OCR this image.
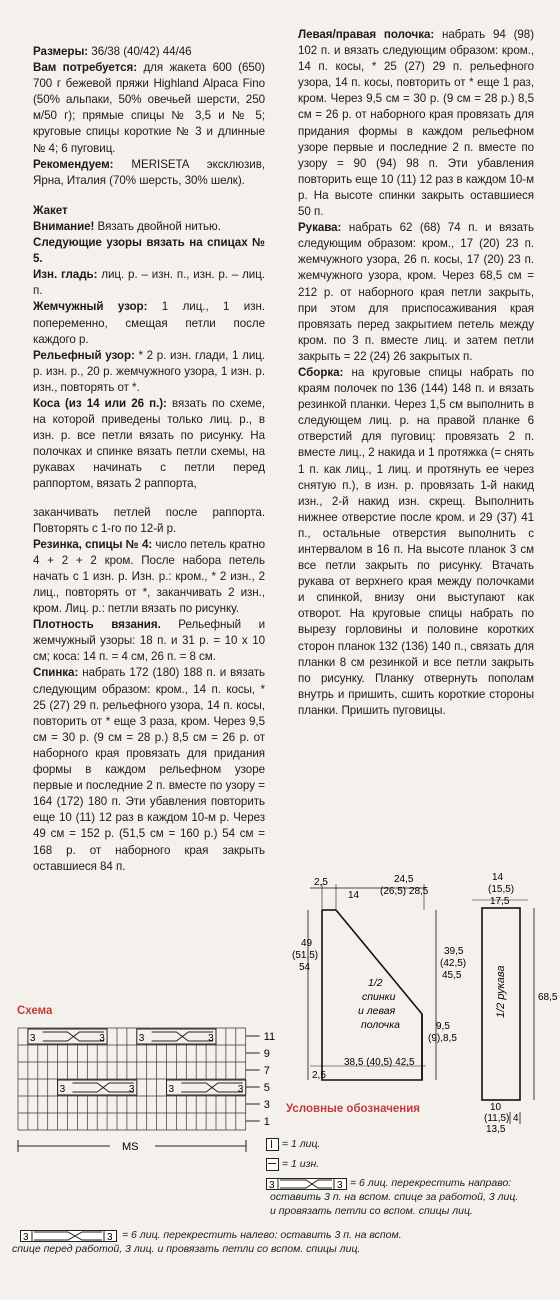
Размеры: 36/38 (40/42) 44/46

Вам потребуется: для жакета 600 (650) 700 г бежевой пряжи Highland Alpaca Fino (50% альпаки, 50% овечьей шерсти, 250 м/50 г); прямые спицы № 3,5 и № 5; круговые спицы короткие № 3 и длинные № 4; 6 пуговиц.

Рекомендуем: MERISETA эксклюзив, Ярна, Италия (70% шерсть, 30% шелк).

Жакет

Внимание! Вязать двойной нитью.

Следующие узоры вязать на спицах № 5.

Изн. гладь: лиц. р. – изн. п., изн. р. – лиц. п.

Жемчужный узор: 1 лиц., 1 изн. попеременно, смещая петли после каждого р.

Рельефный узор: * 2 р. изн. глади, 1 лиц. р. изн. р., 20 р. жемчужного узора, 1 изн. р. изн., повторять от *.

Коса (из 14 или 26 п.): вязать по схеме, на которой приведены только лиц. р., в изн. р. все петли вязать по рисунку. На полочках и спинке вязать петли схемы, на рукавах начинать с петли перед раппортом, вязать 2 раппорта,

заканчивать петлей после раппорта. Повторять с 1-го по 12-й р.

Резинка, спицы № 4: число петель кратно 4 + 2 + 2 кром. После набора петель начать с 1 изн. р. Изн. р.: кром., * 2 изн., 2 лиц., повторять от *, заканчивать 2 изн., кром. Лиц. р.: петли вязать по рисунку.

Плотность вязания. Рельефный и жемчужный узоры: 18 п. и 31 р. = 10 х 10 см; коса: 14 п. = 4 см, 26 п. = 8 см.

Спинка: набрать 172 (180) 188 п. и вязать следующим образом: кром., 14 п. косы, * 25 (27) 29 п. рельефного узора, 14 п. косы, повторить от * еще 3 раза, кром. Через 9,5 см = 30 р. (9 см = 28 р.) 8,5 см = 26 р. от наборного края провязать для придания формы в каждом рельефном узоре первые и последние 2 п. вместе по узору = 164 (172) 180 п. Эти убавления повторить еще 10 (11) 12 раз в каждом 10-м р. Через 49 см = 152 р. (51,5 см = 160 р.) 54 см = 168 р. от наборного края закрыть оставшиеся 84 п.

Левая/правая полочка: набрать 94 (98) 102 п. и вязать следующим образом: кром., 14 п. косы, * 25 (27) 29 п. рельефного узора, 14 п. косы, повторить от * еще 1 раз, кром. Через 9,5 см = 30 р. (9 см = 28 р.) 8,5 см = 26 р. от наборного края провязать для придания формы в каждом рельефном узоре первые и последние 2 п. вместе по узору = 90 (94) 98 п. Эти убавления повторить еще 10 (11) 12 раз в каждом 10-м р. На высоте спинки закрыть оставшиеся 50 п.

Рукава: набрать 62 (68) 74 п. и вязать следующим образом: кром., 17 (20) 23 п. жемчужного узора, 26 п. косы, 17 (20) 23 п. жемчужного узора, кром. Через 68,5 см = 212 р. от наборного края петли закрыть, при этом для приспосаживания края провязать перед закрытием петель между кром. по 3 п. вместе лиц. и затем петли закрыть = 22 (24) 26 закрытых п.

Сборка: на круговые спицы набрать по краям полочек по 136 (144) 148 п. и вязать резинкой планки. Через 1,5 см выполнить в следующем лиц. р. на правой планке 6 отверстий для пуговиц: провязать 2 п. вместе лиц., 2 накида и 1 протяжка (= снять 1 п. как лиц., 1 лиц. и протянуть ее через снятую п.), в изн. р. провязать 1-й накид изн., 2-й накид изн. скрещ. Выполнить нижнее отверстие после кром. и 29 (37) 41 п., остальные отверстия выполнить с интервалом в 16 п. На высоте планок 3 см все петли закрыть по рисунку. Втачать рукава от верхнего края между полочками и спинкой, внизу они выступают как отворот. На круговые спицы набрать по вырезу горловины и половине коротких сторон планок 132 (136) 140 п., связать для планки 8 см резинкой и все петли закрыть по рисунку. Планку отвернуть пополам внутрь и пришить, сшить короткие стороны планки. Пришить пуговицы.

Схема
3	3	3	3
3	3	3	3
11
9
7
5
3
1
MS
2,5
14
24,5 (26,5) 28,5
49 (51,5) 54
39,5 (42,5) 45,5
9,5 (9),8,5
2,5
38,5 (40,5) 42,5
1/2 спинки и левая полочка
14 (15,5) 17,5
68,5
1/2 рукава
10 (11,5) 13,5
4
Условные обозначения
= 1 лиц.
= 1 изн.
3	3 = 6 лиц. перекрестить направо: оставить 3 п. на вспом. спице за работой, 3 лиц. и провязать петли со вспом. спицы лиц.
3	3 = 6 лиц. перекрестить налево: оставить 3 п. на вспом. спице перед работой, 3 лиц. и провязать петли со вспом. спицы лиц.
